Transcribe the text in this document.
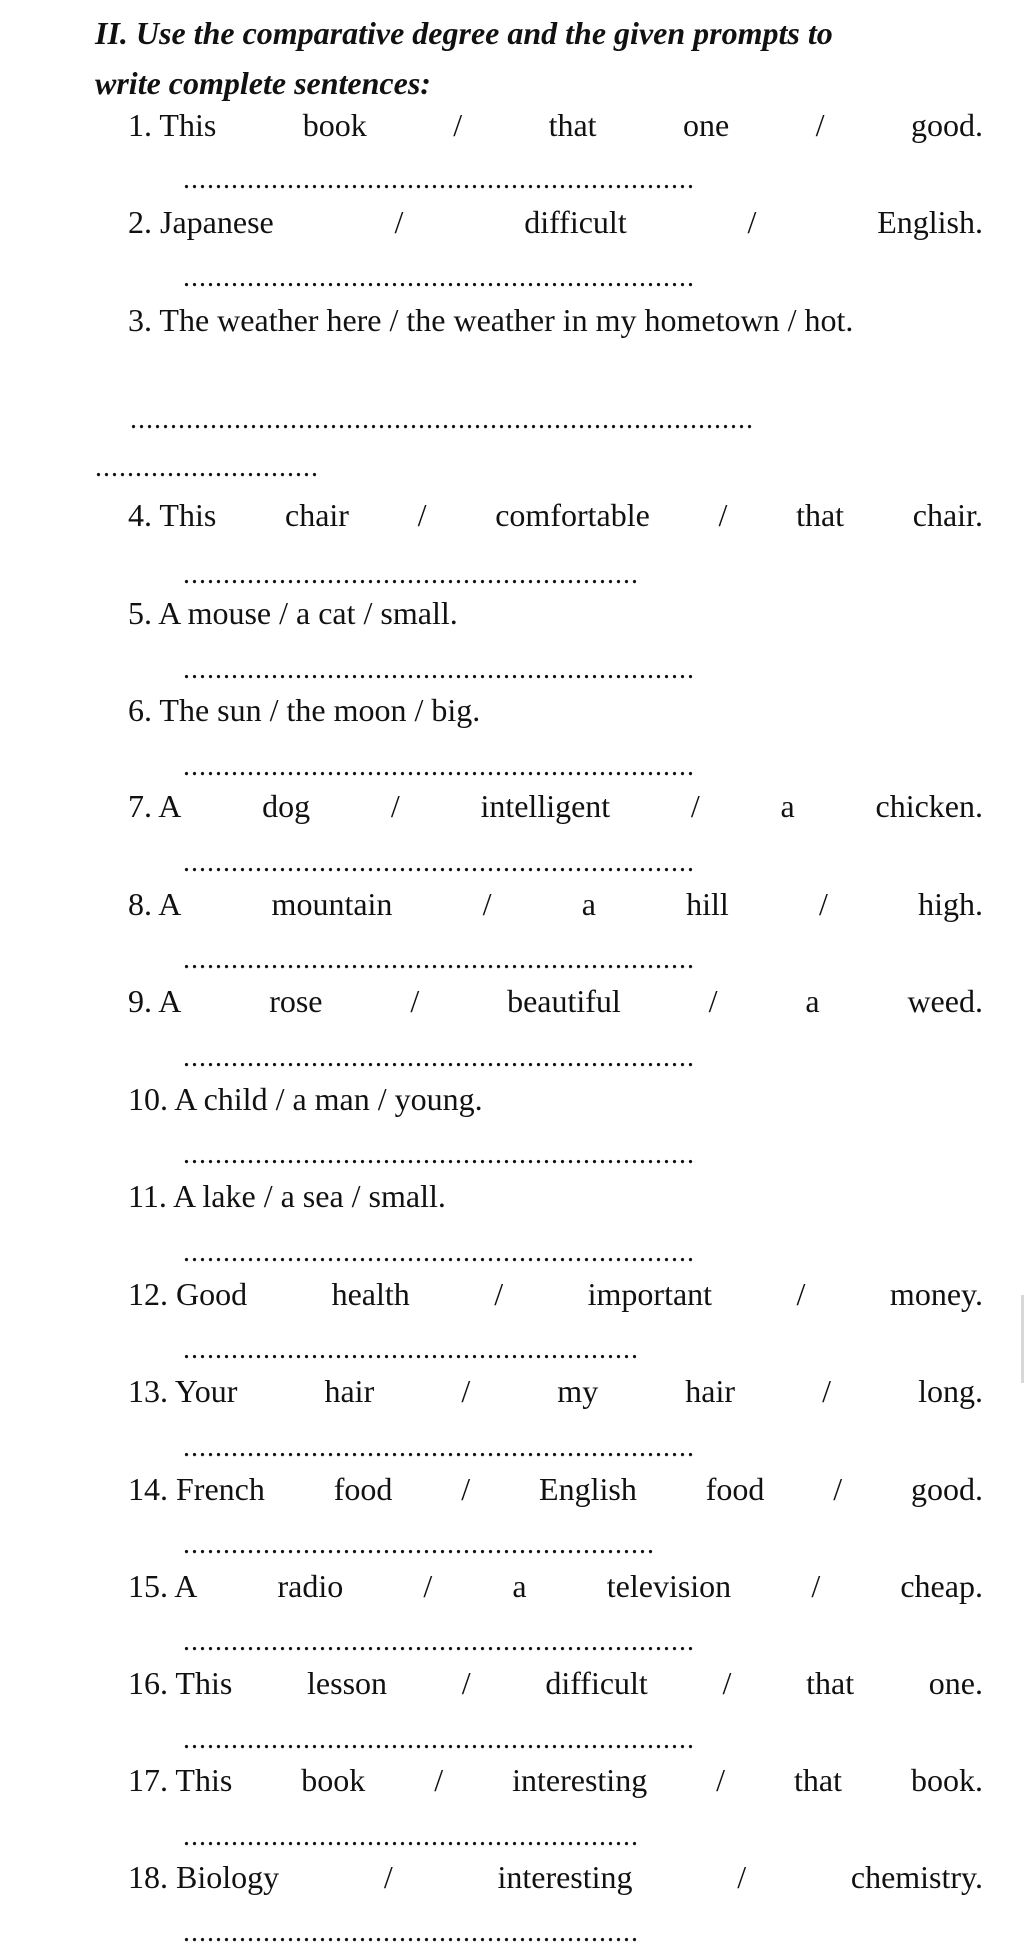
II. Use the comparative degree and the given prompts to
write complete sentences:
1. This	book	/	that	one	/	good.
................................................................
2. Japanese	/	difficult	/	English.
................................................................
3. The weather here / the weather in my hometown / hot.
..............................................................................
............................
4. This chair / comfortable / that chair.
.........................................................
5. A mouse / a cat / small.
................................................................
6. The sun / the moon / big.
................................................................
7. A	dog	/	intelligent	/	a	chicken.
................................................................
8. A	mountain	/	a	hill	/	high.
................................................................
9. A	rose	/	beautiful	/	a	weed.
................................................................
10. A child / a man / young.
................................................................
11. A lake / a sea / small.
................................................................
12. Good	health	/	important	/	money.
.........................................................
13. Your	hair	/	my	hair	/	long.
................................................................
14. French food / English food / good.
...........................................................
15. A	radio	/	a	television	/	cheap.
................................................................
16. This lesson / difficult / that one.
................................................................
17. This book / interesting / that book.
.........................................................
18. Biology	/	interesting	/	chemistry.
.........................................................
